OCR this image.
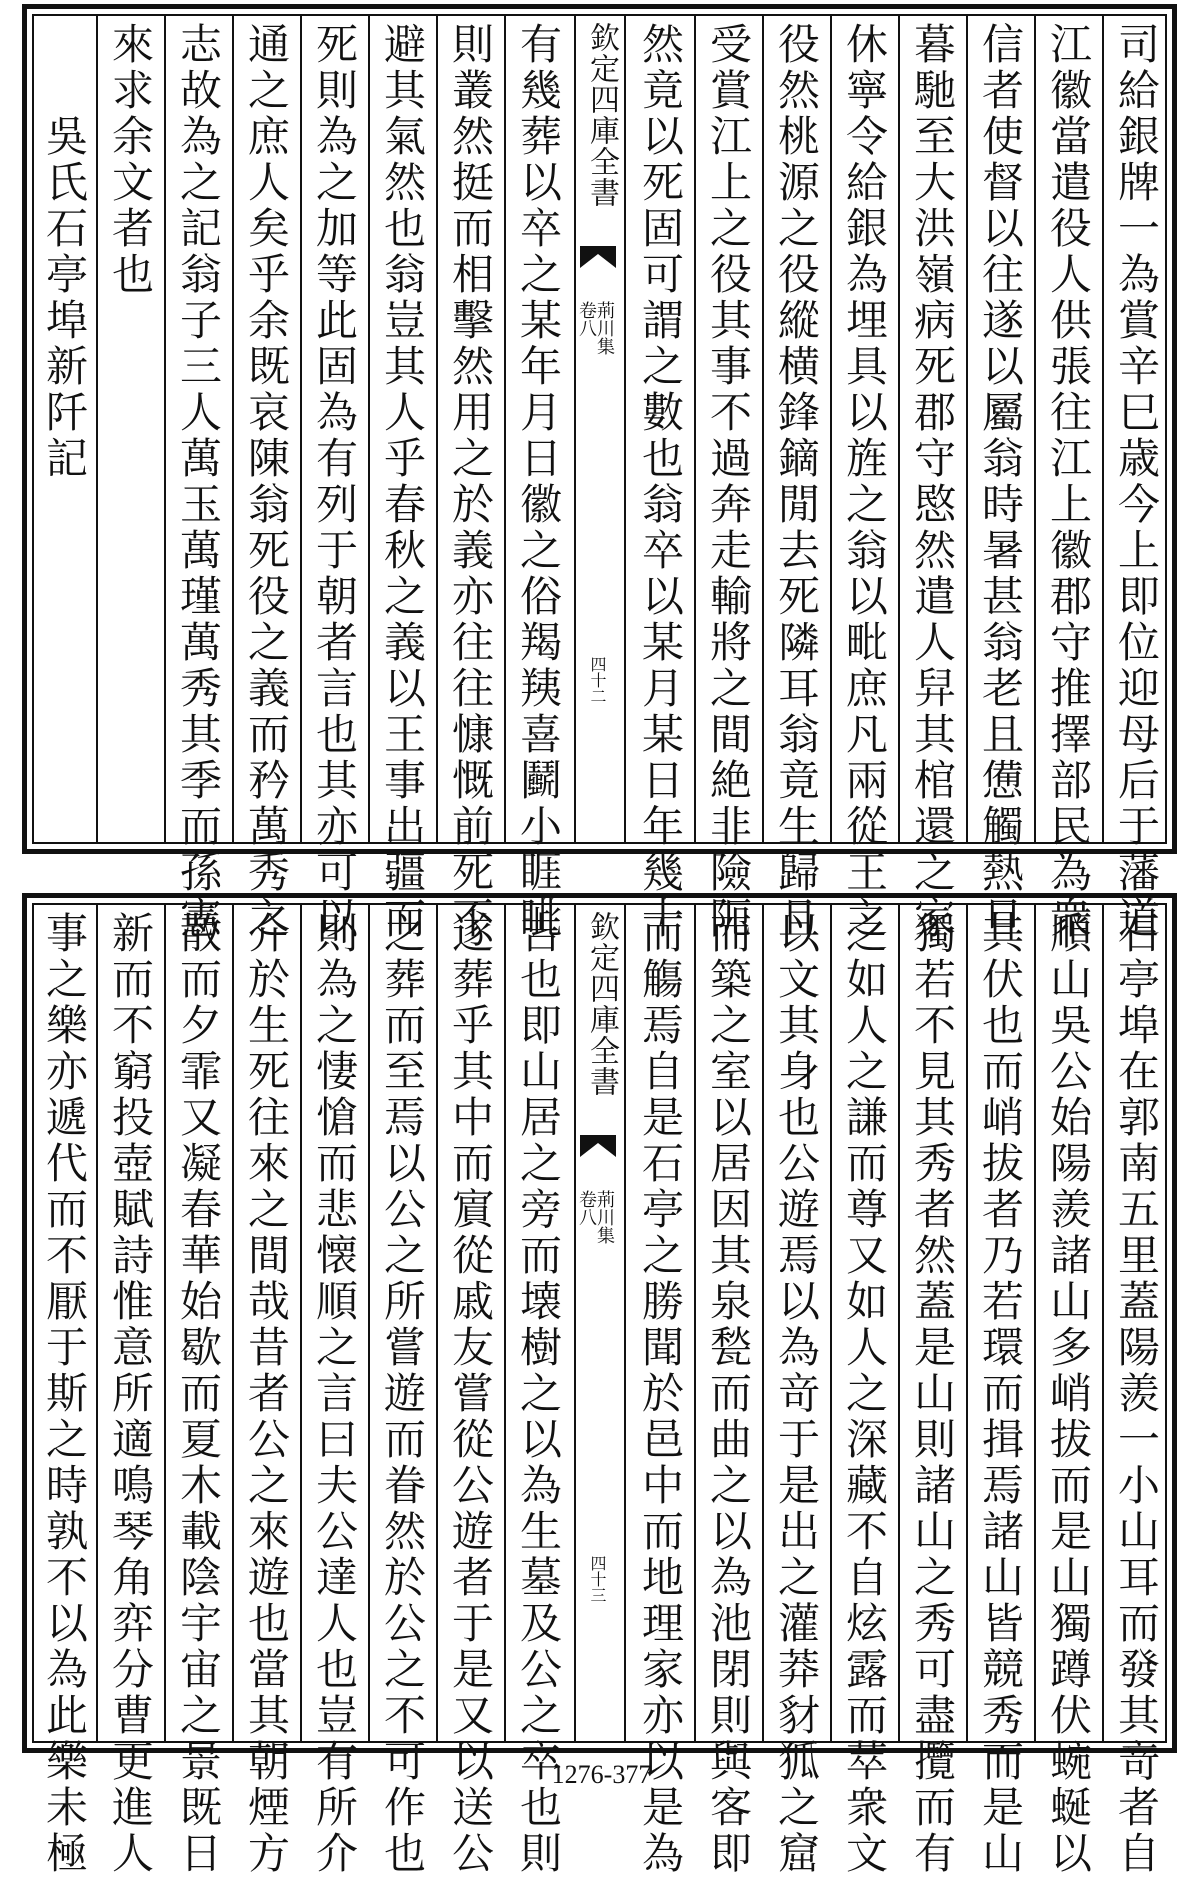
司給銀牌一為賞辛巳歳今上即位迎母后于藩道
江徽當遣役人供張往江上徽郡守推擇部民為衆
信者使督以往遂以屬翁時暑甚翁老且憊觸熱旦
暮馳至大洪嶺病死郡守愍然遣人舁其棺還之家
休寧令給銀為埋具以旌之翁以毗庶凡兩從王之
役然桃源之役縱横鋒鏑閒去死隣耳翁竟生歸且
受賞江上之役其事不過奔走輸將之間絶非險阨
然竟以死固可謂之數也翁卒以某月某日年幾十
欽定四庫全書
荊川集
卷八
四十二
有幾葬以卒之某年月日徽之俗羯羠喜鬬小睚眦
則叢然挺而相擊然用之於義亦往往慷慨前死不
避其氣然也翁豈其人乎春秋之義以王事出疆而
死則為之加等此固為有列于朝者言也其亦可以
通之庶人矣乎余既哀陳翁死役之義而矜萬秀之
志故為之記翁子三人萬玉萬瑾萬秀其季而孫憲
來求余文者也
　　吳氏石亭埠新阡記
石亭埠在郭南五里蓋陽羨一小山耳而發其竒者自
順山吳公始陽羨諸山多峭拔而是山獨蹲伏蜿蜒以
其伏也而峭拔者乃若環而揖焉諸山皆競秀而是山
獨若不見其秀者然蓋是山則諸山之秀可盡攬而有
之如人之謙而尊又如人之深藏不自炫露而萃衆文
以文其身也公遊焉以為竒于是出之灌莽豺狐之窟
而築之室以居因其泉甃而曲之以為池閉則與客即
而觴焉自是石亭之勝聞於邑中而地理家亦以是為
欽定四庫全書
荊川集
卷八
四十三
吉也即山居之旁而壊樹之以為生墓及公之卒也則
遂葬乎其中而賔從戚友嘗從公遊者于是又以送公
之葬而至焉以公之所嘗遊而眷然於公之不可作也
則為之悽愴而悲懐順之言曰夫公達人也豈有所介
介於生死往來之間哉昔者公之來遊也當其朝煙方
散而夕霏又凝春華始歇而夏木載陰宇宙之景既日
新而不窮投壺賦詩惟意所適鳴琴角弈分曹更進人
事之樂亦遞代而不厭于斯之時孰不以為此樂未極	1276-377
